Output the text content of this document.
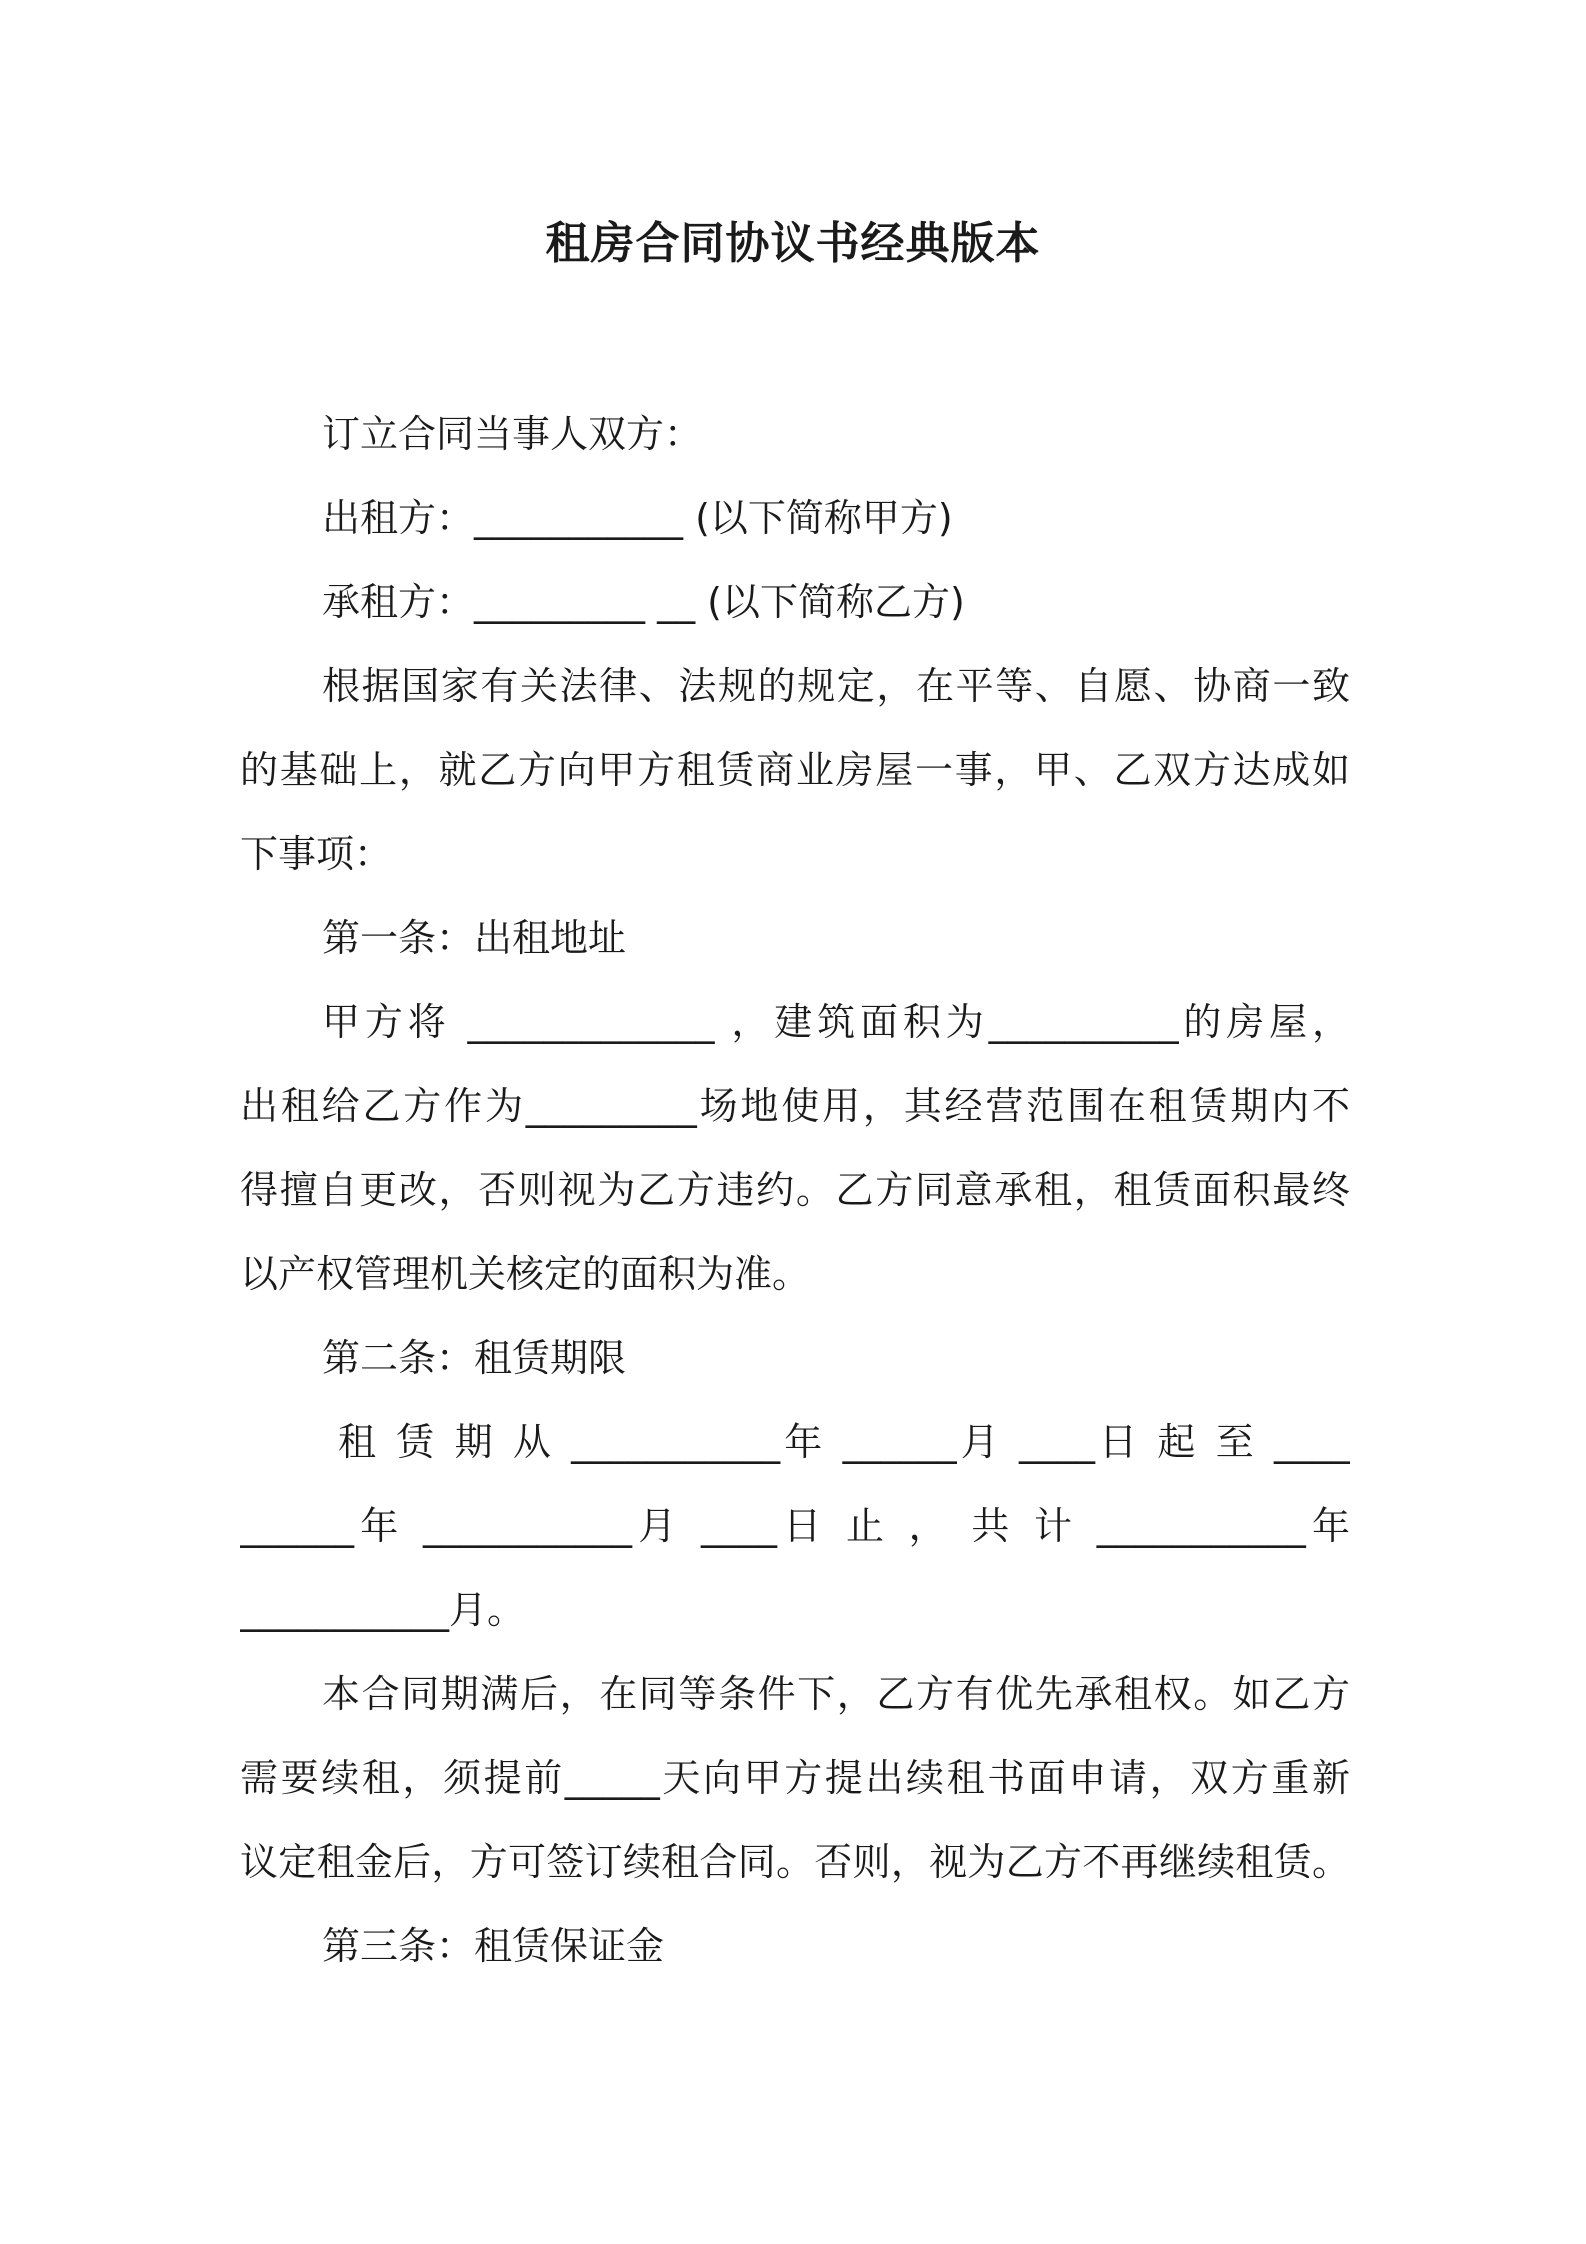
租房合同协议书经典版本
订立合同当事人双方：
出租方：___________ (以下简称甲方)
承租方：_________ __ (以下简称乙方)
根据国家有关法律、法规的规定，在平等、自愿、协商一致
的基础上，就乙方向甲方租赁商业房屋一事，甲、乙双方达成如
下事项：
第一条：出租地址
甲方将 _____________ ，建筑面积为__________的房屋，
出租给乙方作为_________场地使用，其经营范围在租赁期内不
得擅自更改，否则视为乙方违约。乙方同意承租，租赁面积最终
以产权管理机关核定的面积为准。
第二条：租赁期限
租 赁 期 从 ___________年 ______月 ____日 起 至 ____
______年 ___________月 ____日 止 ， 共 计 ___________年
___________月。
本合同期满后，在同等条件下，乙方有优先承租权。如乙方
需要续租，须提前_____天向甲方提出续租书面申请，双方重新
议定租金后，方可签订续租合同。否则，视为乙方不再继续租赁。
第三条：租赁保证金
